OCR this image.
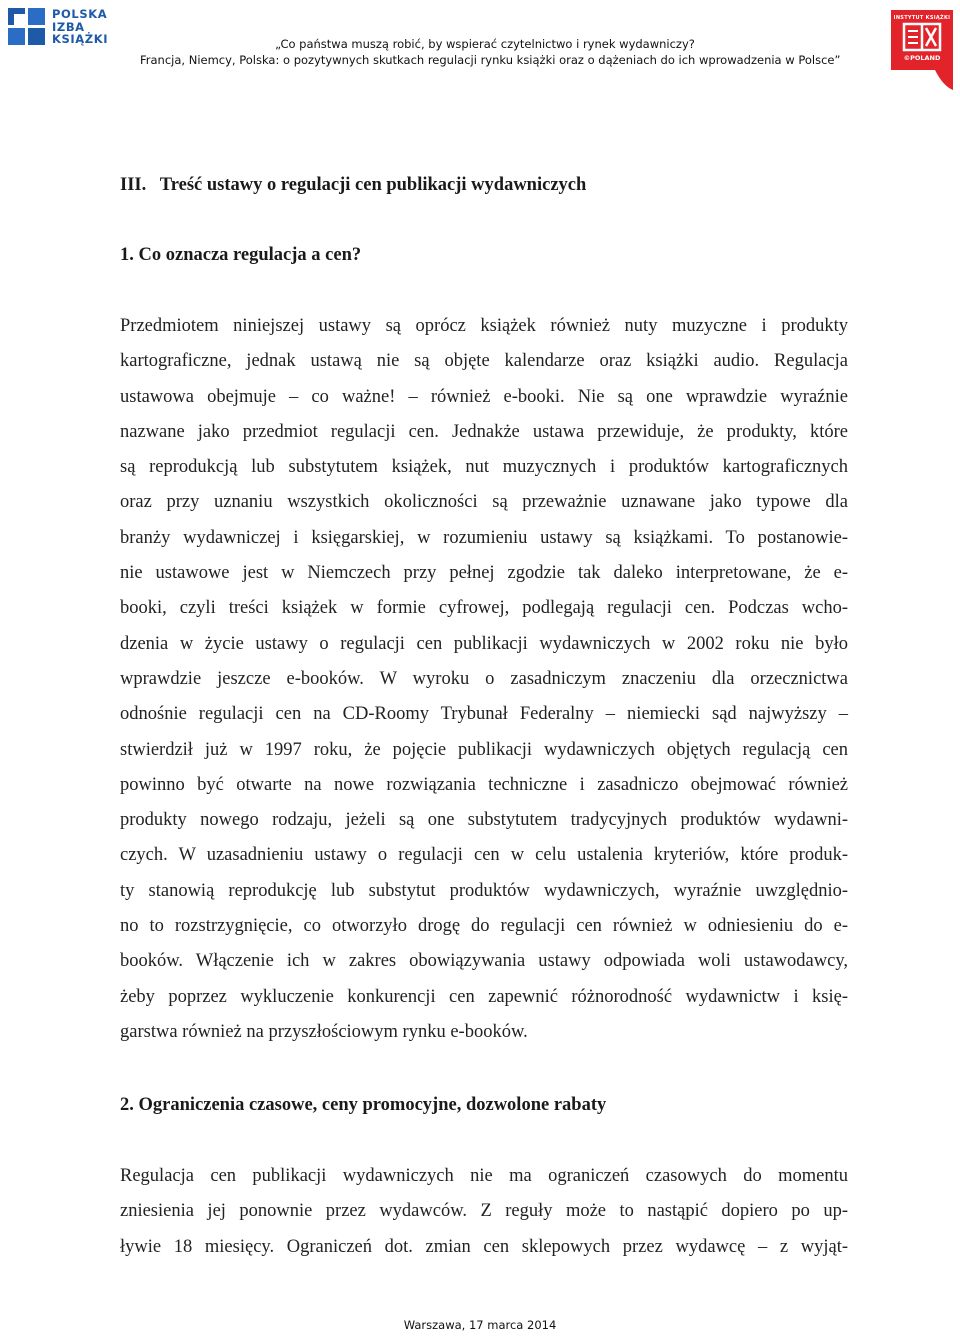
POLSKA
IZBA
KSIĄŻKI	„Co państwa muszą robić, by wspierać czytelnictwo i rynek wydawniczy?
Francja, Niemcy, Polska: o pozytywnych skutkach regulacji rynku książki oraz o dążeniach do ich wprowadzenia w Polsce”
INSTYTUT KSIĄŻKI
©POLAND
III.   Treść ustawy o regulacji cen publikacji wydawniczych
1. Co oznacza regulacja a cen?
Przedmiotem niniejszej ustawy są oprócz książek również nuty muzyczne i produkty
kartograficzne, jednak ustawą nie są objęte kalendarze oraz książki audio. Regulacja
ustawowa obejmuje – co ważne! – również e-booki. Nie są one wprawdzie wyraźnie
nazwane jako przedmiot regulacji cen. Jednakże ustawa przewiduje, że produkty, które
są reprodukcją lub substytutem książek, nut muzycznych i produktów kartograficznych
oraz przy uznaniu wszystkich okoliczności są przeważnie uznawane jako typowe dla
branży wydawniczej i księgarskiej, w rozumieniu ustawy są książkami. To postanowie-
nie ustawowe jest w Niemczech przy pełnej zgodzie tak daleko interpretowane, że e-
booki, czyli treści książek w formie cyfrowej, podlegają regulacji cen. Podczas wcho-
dzenia w życie ustawy o regulacji cen publikacji wydawniczych w 2002 roku nie było
wprawdzie jeszcze e-booków. W wyroku o zasadniczym znaczeniu dla orzecznictwa
odnośnie regulacji cen na CD-Roomy Trybunał Federalny – niemiecki sąd najwyższy –
stwierdził już w 1997 roku, że pojęcie publikacji wydawniczych objętych regulacją cen
powinno być otwarte na nowe rozwiązania techniczne i zasadniczo obejmować również
produkty nowego rodzaju, jeżeli są one substytutem tradycyjnych produktów wydawni-
czych. W uzasadnieniu ustawy o regulacji cen w celu ustalenia kryteriów, które produk-
ty stanowią reprodukcję lub substytut produktów wydawniczych, wyraźnie uwzględnio-
no to rozstrzygnięcie, co otworzyło drogę do regulacji cen również w odniesieniu do e-
booków. Włączenie ich w zakres obowiązywania ustawy odpowiada woli ustawodawcy,
żeby poprzez wykluczenie konkurencji cen zapewnić różnorodność wydawnictw i księ-
garstwa również na przyszłościowym rynku e-booków.
2. Ograniczenia czasowe, ceny promocyjne, dozwolone rabaty
Regulacja cen publikacji wydawniczych nie ma ograniczeń czasowych do momentu
zniesienia jej ponownie przez wydawców. Z reguły może to nastąpić dopiero po up-
ływie 18 miesięcy. Ograniczeń dot. zmian cen sklepowych przez wydawcę – z wyjąt-
Warszawa, 17 marca 2014
